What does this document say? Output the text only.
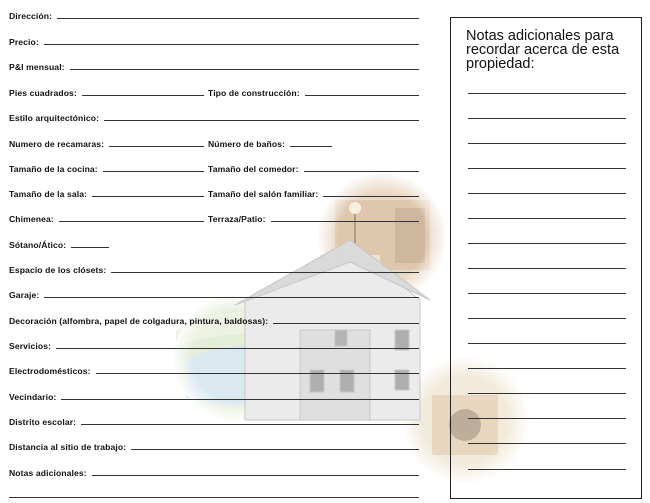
Dirección:
Precio:
P&I mensual:
Pies cuadrados:	Tipo de construcción:
Estilo arquitectónico:
Numero de recamaras:	Número de baños:
Tamaño de la cocina:	Tamaño del comedor:
Tamaño de la sala:	Tamaño del salón familiar:
Chimenea:	Terraza/Patio:
Sótano/Ático:
Espacio de los clósets:
Garaje:
Decoración (alfombra, papel de colgadura, pintura, baldosas):
Servicios:
Electrodomésticos:
Vecindario:
Distrito escolar:
Distancia al sitio de trabajo:
Notas adicionales:
Notas adicionales para recordar acerca de esta propiedad:
